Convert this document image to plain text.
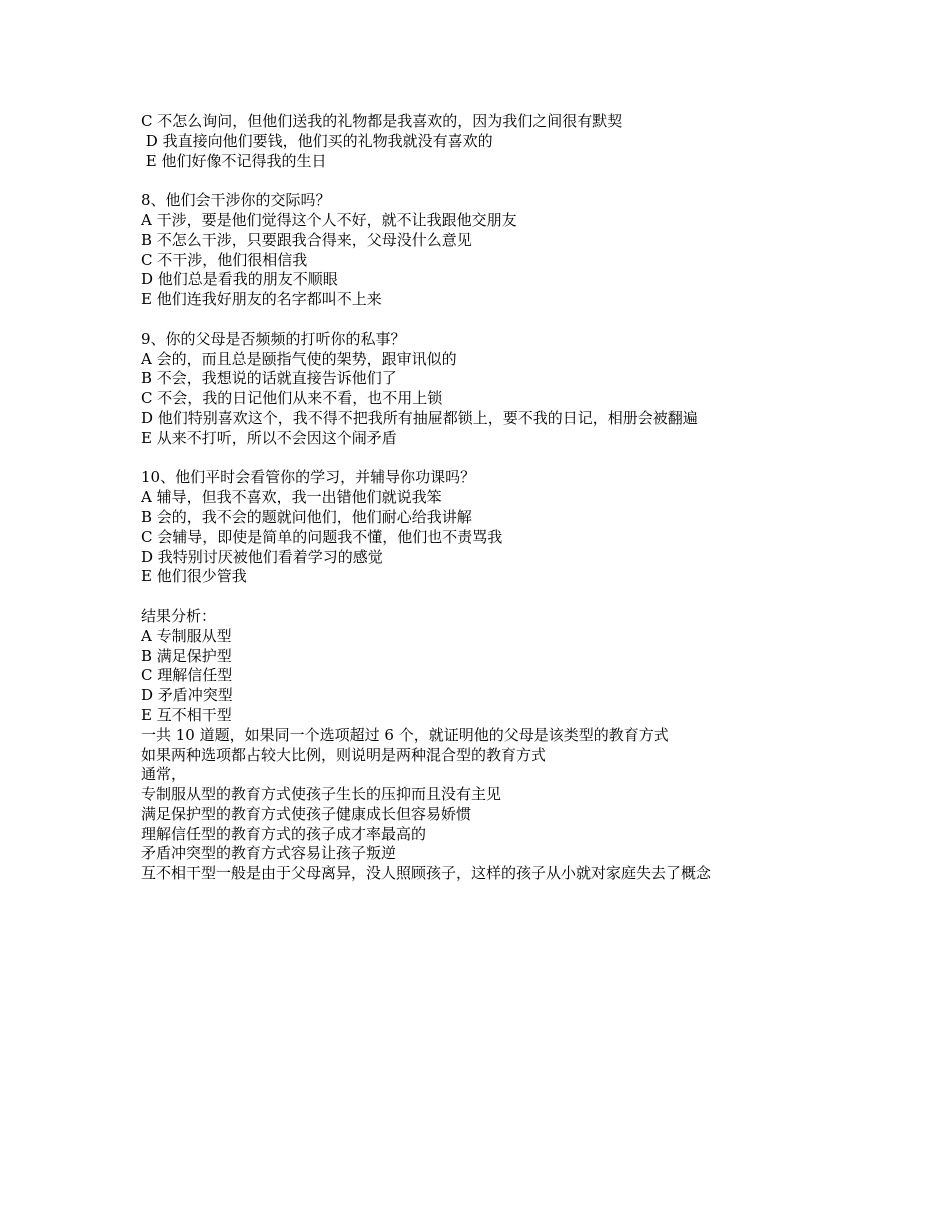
C 不怎么询问，但他们送我的礼物都是我喜欢的，因为我们之间很有默契
D 我直接向他们要钱，他们买的礼物我就没有喜欢的
E 他们好像不记得我的生日
8、他们会干涉你的交际吗？
A 干涉，要是他们觉得这个人不好，就不让我跟他交朋友
B 不怎么干涉，只要跟我合得来，父母没什么意见
C 不干涉，他们很相信我
D 他们总是看我的朋友不顺眼
E 他们连我好朋友的名字都叫不上来
9、你的父母是否频频的打听你的私事？
A 会的，而且总是颐指气使的架势，跟审讯似的
B 不会，我想说的话就直接告诉他们了
C 不会，我的日记他们从来不看，也不用上锁
D 他们特别喜欢这个，我不得不把我所有抽屉都锁上，要不我的日记，相册会被翻遍
E 从来不打听，所以不会因这个闹矛盾
10、他们平时会看管你的学习，并辅导你功课吗？
A 辅导，但我不喜欢，我一出错他们就说我笨
B 会的，我不会的题就问他们，他们耐心给我讲解
C 会辅导，即使是简单的问题我不懂，他们也不责骂我
D 我特别讨厌被他们看着学习的感觉
E 他们很少管我
结果分析：
A 专制服从型
B 满足保护型
C 理解信任型
D 矛盾冲突型
E 互不相干型
一共 10 道题，如果同一个选项超过 6 个，就证明他的父母是该类型的教育方式
如果两种选项都占较大比例，则说明是两种混合型的教育方式
通常，
专制服从型的教育方式使孩子生长的压抑而且没有主见
满足保护型的教育方式使孩子健康成长但容易娇惯
理解信任型的教育方式的孩子成才率最高的
矛盾冲突型的教育方式容易让孩子叛逆
互不相干型一般是由于父母离异，没人照顾孩子，这样的孩子从小就对家庭失去了概念
